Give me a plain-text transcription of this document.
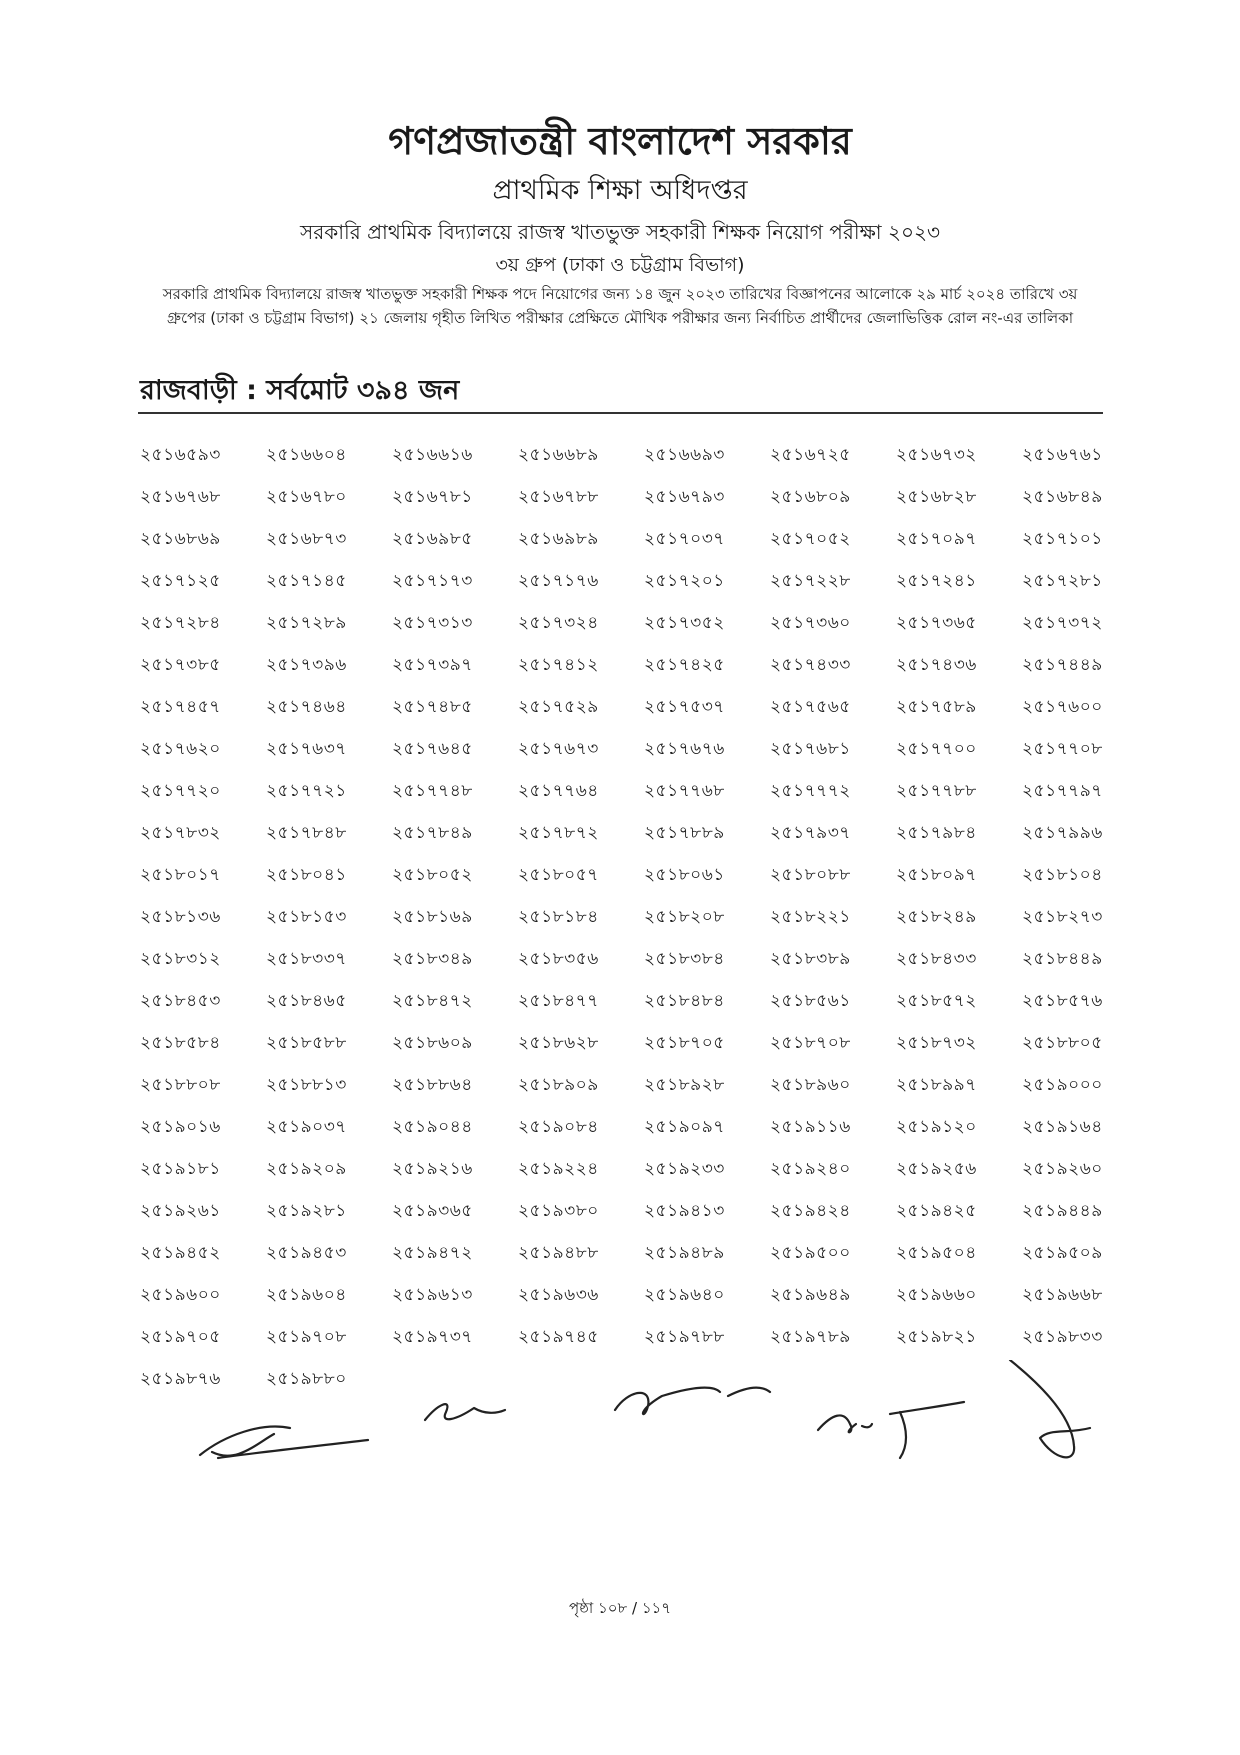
গণপ্রজাতন্ত্রী বাংলাদেশ সরকার
প্রাথমিক শিক্ষা অধিদপ্তর
সরকারি প্রাথমিক বিদ্যালয়ে রাজস্ব খাতভুক্ত সহকারী শিক্ষক নিয়োগ পরীক্ষা ২০২৩
৩য় গ্রুপ (ঢাকা ও চট্টগ্রাম বিভাগ)
সরকারি প্রাথমিক বিদ্যালয়ে রাজস্ব খাতভুক্ত সহকারী শিক্ষক পদে নিয়োগের জন্য ১৪ জুন ২০২৩ তারিখের বিজ্ঞাপনের আলোকে ২৯ মার্চ ২০২৪ তারিখে ৩য় গ্রুপের (ঢাকা ও চট্টগ্রাম বিভাগ) ২১ জেলায় গৃহীত লিখিত পরীক্ষার প্রেক্ষিতে মৌখিক পরীক্ষার জন্য নির্বাচিত প্রার্থীদের জেলাভিত্তিক রোল নং-এর তালিকা
রাজবাড়ী : সর্বমোট ৩৯৪ জন
২৫১৬৫৯৩	২৫১৬৬০৪	২৫১৬৬১৬	২৫১৬৬৮৯	২৫১৬৬৯৩	২৫১৬৭২৫	২৫১৬৭৩২	২৫১৬৭৬১
২৫১৬৭৬৮	২৫১৬৭৮০	২৫১৬৭৮১	২৫১৬৭৮৮	২৫১৬৭৯৩	২৫১৬৮০৯	২৫১৬৮২৮	২৫১৬৮৪৯
২৫১৬৮৬৯	২৫১৬৮৭৩	২৫১৬৯৮৫	২৫১৬৯৮৯	২৫১৭০৩৭	২৫১৭০৫২	২৫১৭০৯৭	২৫১৭১০১
২৫১৭১২৫	২৫১৭১৪৫	২৫১৭১৭৩	২৫১৭১৭৬	২৫১৭২০১	২৫১৭২২৮	২৫১৭২৪১	২৫১৭২৮১
২৫১৭২৮৪	২৫১৭২৮৯	২৫১৭৩১৩	২৫১৭৩২৪	২৫১৭৩৫২	২৫১৭৩৬০	২৫১৭৩৬৫	২৫১৭৩৭২
২৫১৭৩৮৫	২৫১৭৩৯৬	২৫১৭৩৯৭	২৫১৭৪১২	২৫১৭৪২৫	২৫১৭৪৩৩	২৫১৭৪৩৬	২৫১৭৪৪৯
২৫১৭৪৫৭	২৫১৭৪৬৪	২৫১৭৪৮৫	২৫১৭৫২৯	২৫১৭৫৩৭	২৫১৭৫৬৫	২৫১৭৫৮৯	২৫১৭৬০০
২৫১৭৬২০	২৫১৭৬৩৭	২৫১৭৬৪৫	২৫১৭৬৭৩	২৫১৭৬৭৬	২৫১৭৬৮১	২৫১৭৭০০	২৫১৭৭০৮
২৫১৭৭২০	২৫১৭৭২১	২৫১৭৭৪৮	২৫১৭৭৬৪	২৫১৭৭৬৮	২৫১৭৭৭২	২৫১৭৭৮৮	২৫১৭৭৯৭
২৫১৭৮৩২	২৫১৭৮৪৮	২৫১৭৮৪৯	২৫১৭৮৭২	২৫১৭৮৮৯	২৫১৭৯৩৭	২৫১৭৯৮৪	২৫১৭৯৯৬
২৫১৮০১৭	২৫১৮০৪১	২৫১৮০৫২	২৫১৮০৫৭	২৫১৮০৬১	২৫১৮০৮৮	২৫১৮০৯৭	২৫১৮১০৪
২৫১৮১৩৬	২৫১৮১৫৩	২৫১৮১৬৯	২৫১৮১৮৪	২৫১৮২০৮	২৫১৮২২১	২৫১৮২৪৯	২৫১৮২৭৩
২৫১৮৩১২	২৫১৮৩৩৭	২৫১৮৩৪৯	২৫১৮৩৫৬	২৫১৮৩৮৪	২৫১৮৩৮৯	২৫১৮৪৩৩	২৫১৮৪৪৯
২৫১৮৪৫৩	২৫১৮৪৬৫	২৫১৮৪৭২	২৫১৮৪৭৭	২৫১৮৪৮৪	২৫১৮৫৬১	২৫১৮৫৭২	২৫১৮৫৭৬
২৫১৮৫৮৪	২৫১৮৫৮৮	২৫১৮৬০৯	২৫১৮৬২৮	২৫১৮৭০৫	২৫১৮৭০৮	২৫১৮৭৩২	২৫১৮৮০৫
২৫১৮৮০৮	২৫১৮৮১৩	২৫১৮৮৬৪	২৫১৮৯০৯	২৫১৮৯২৮	২৫১৮৯৬০	২৫১৮৯৯৭	২৫১৯০০০
২৫১৯০১৬	২৫১৯০৩৭	২৫১৯০৪৪	২৫১৯০৮৪	২৫১৯০৯৭	২৫১৯১১৬	২৫১৯১২০	২৫১৯১৬৪
২৫১৯১৮১	২৫১৯২০৯	২৫১৯২১৬	২৫১৯২২৪	২৫১৯২৩৩	২৫১৯২৪০	২৫১৯২৫৬	২৫১৯২৬০
২৫১৯২৬১	২৫১৯২৮১	২৫১৯৩৬৫	২৫১৯৩৮০	২৫১৯৪১৩	২৫১৯৪২৪	২৫১৯৪২৫	২৫১৯৪৪৯
২৫১৯৪৫২	২৫১৯৪৫৩	২৫১৯৪৭২	২৫১৯৪৮৮	২৫১৯৪৮৯	২৫১৯৫০০	২৫১৯৫০৪	২৫১৯৫০৯
২৫১৯৬০০	২৫১৯৬০৪	২৫১৯৬১৩	২৫১৯৬৩৬	২৫১৯৬৪০	২৫১৯৬৪৯	২৫১৯৬৬০	২৫১৯৬৬৮
২৫১৯৭০৫	২৫১৯৭০৮	২৫১৯৭৩৭	২৫১৯৭৪৫	২৫১৯৭৮৮	২৫১৯৭৮৯	২৫১৯৮২১	২৫১৯৮৩৩
২৫১৯৮৭৬	২৫১৯৮৮০
পৃষ্ঠা ১০৮ / ১১৭
